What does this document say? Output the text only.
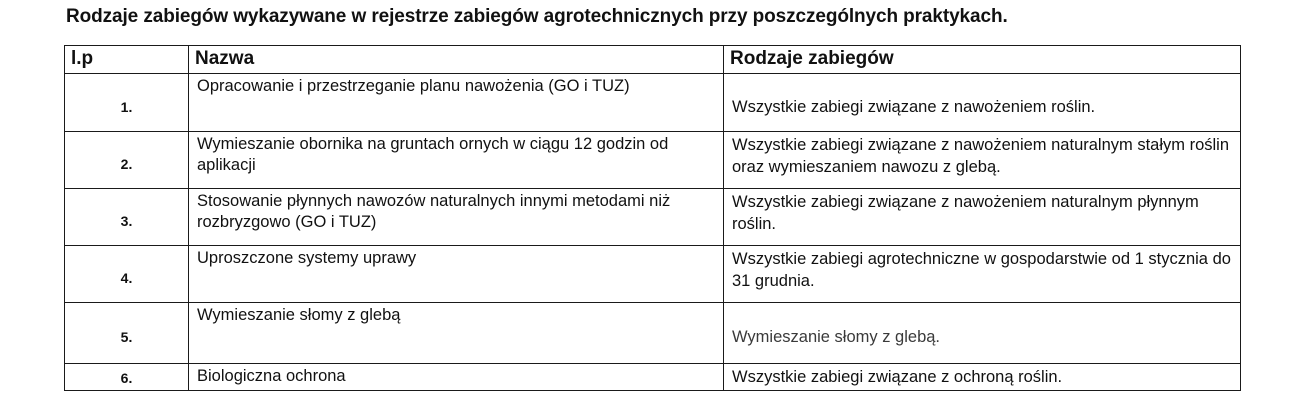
Rodzaje zabiegów wykazywane w rejestrze zabiegów agrotechnicznych przy poszczególnych praktykach.
l.p	Nazwa	Rodzaje zabiegów
1.	Opracowanie i przestrzeganie planu nawożenia (GO i TUZ)	Wszystkie zabiegi związane z nawożeniem roślin.
2.	Wymieszanie obornika na gruntach ornych w ciągu 12 godzin od aplikacji	Wszystkie zabiegi związane z nawożeniem naturalnym stałym roślin oraz wymieszaniem nawozu z glebą.
3.	Stosowanie płynnych nawozów naturalnych innymi metodami niż rozbryzgowo (GO i TUZ)	Wszystkie zabiegi związane z nawożeniem naturalnym płynnym roślin.
4.	Uproszczone systemy uprawy	Wszystkie zabiegi agrotechniczne w gospodarstwie od 1 stycznia do 31 grudnia.
5.	Wymieszanie słomy z glebą	Wymieszanie słomy z glebą.
6.	Biologiczna ochrona	Wszystkie zabiegi związane z ochroną roślin.
